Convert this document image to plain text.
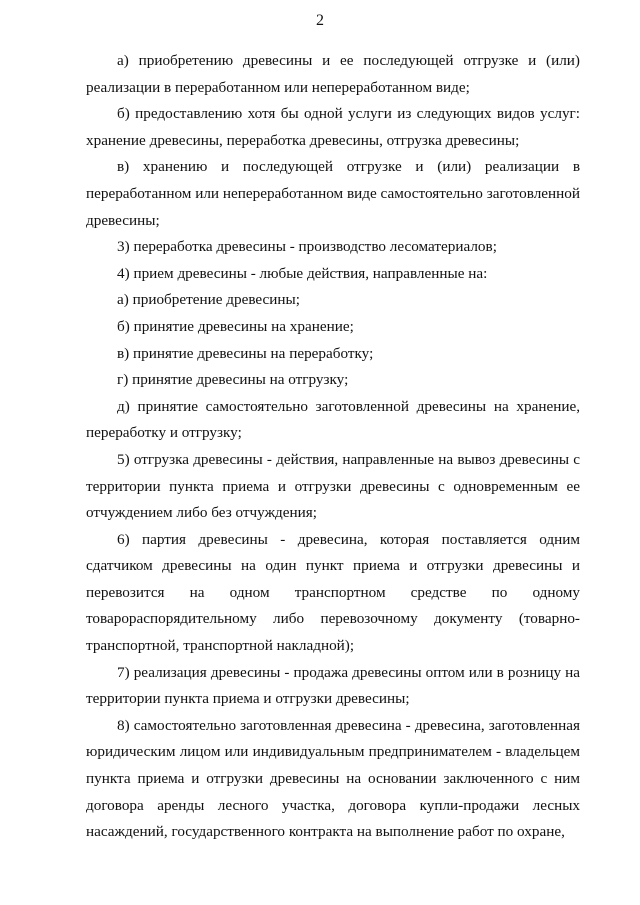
2

а) приобретению древесины и ее последующей отгрузке и (или) реализации в переработанном или непереработанном виде;

б) предоставлению хотя бы одной услуги из следующих видов услуг: хранение древесины, переработка древесины, отгрузка древесины;

в) хранению и последующей отгрузке и (или) реализации в переработанном или непереработанном виде самостоятельно заготовленной древесины;

3) переработка древесины - производство лесоматериалов;

4) прием древесины - любые действия, направленные на:

а) приобретение древесины;

б) принятие древесины на хранение;

в) принятие древесины на переработку;

г) принятие древесины на отгрузку;

д) принятие самостоятельно заготовленной древесины на хранение, переработку и отгрузку;

5) отгрузка древесины - действия, направленные на вывоз древесины с территории пункта приема и отгрузки древесины с одновременным ее отчуждением либо без отчуждения;

6) партия древесины - древесина, которая поставляется одним сдатчиком древесины на один пункт приема и отгрузки древесины и перевозится на одном транспортном средстве по одному товарораспорядительному либо перевозочному документу (товарно-транспортной, транспортной накладной);

7) реализация древесины - продажа древесины оптом или в розницу на территории пункта приема и отгрузки древесины;

8) самостоятельно заготовленная древесина - древесина, заготовленная юридическим лицом или индивидуальным предпринимателем - владельцем пункта приема и отгрузки древесины на основании заключенного с ним договора аренды лесного участка, договора купли-продажи лесных насаждений, государственного контракта на выполнение работ по охране,
